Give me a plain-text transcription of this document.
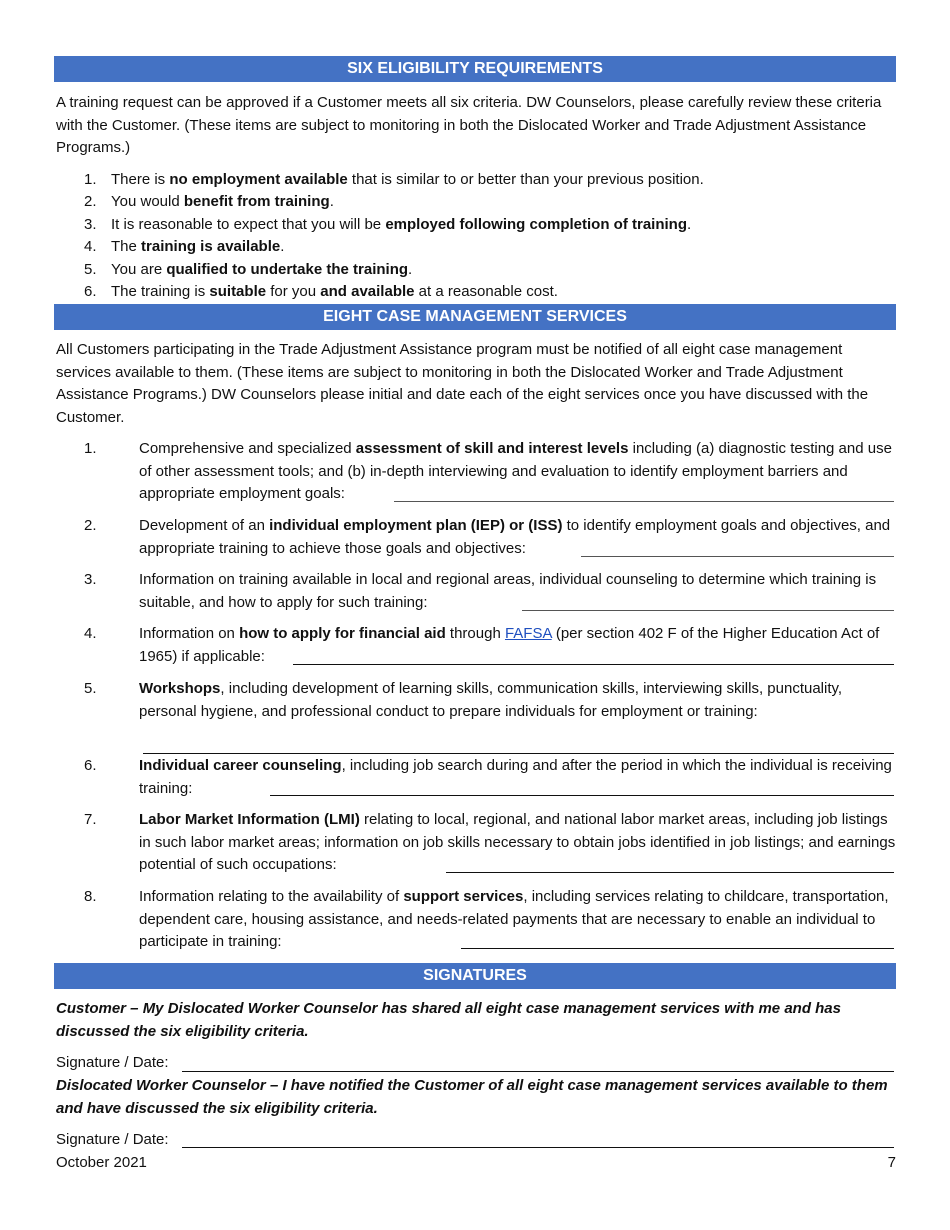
SIX ELIGIBILITY REQUIREMENTS

A training request can be approved if a Customer meets all six criteria. DW Counselors, please carefully review these criteria with the Customer. (These items are subject to monitoring in both the Dislocated Worker and Trade Adjustment Assistance Programs.)

1. There is no employment available that is similar to or better than your previous position.
2. You would benefit from training.
3. It is reasonable to expect that you will be employed following completion of training.
4. The training is available.
5. You are qualified to undertake the training.
6. The training is suitable for you and available at a reasonable cost.
EIGHT CASE MANAGEMENT SERVICES

All Customers participating in the Trade Adjustment Assistance program must be notified of all eight case management services available to them. (These items are subject to monitoring in both the Dislocated Worker and Trade Adjustment Assistance Programs.) DW Counselors please initial and date each of the eight services once you have discussed with the Customer.

1.	Comprehensive and specialized assessment of skill and interest levels including (a) diagnostic testing and use of other assessment tools; and (b) in-depth interviewing and evaluation to identify employment barriers and appropriate employment goals:
2.	Development of an individual employment plan (IEP) or (ISS) to identify employment goals and objectives, and appropriate training to achieve those goals and objectives:
3.	Information on training available in local and regional areas, individual counseling to determine which training is suitable, and how to apply for such training:
4.	Information on how to apply for financial aid through FAFSA (per section 402 F of the Higher Education Act of 1965) if applicable:
5.	Workshops, including development of learning skills, communication skills, interviewing skills, punctuality, personal hygiene, and professional conduct to prepare individuals for employment or training:
6.	Individual career counseling, including job search during and after the period in which the individual is receiving training:
7.	Labor Market Information (LMI) relating to local, regional, and national labor market areas, including job listings in such labor market areas; information on job skills necessary to obtain jobs identified in job listings; and earnings potential of such occupations:
8.	Information relating to the availability of support services, including services relating to childcare, transportation, dependent care, housing assistance, and needs-related payments that are necessary to enable an individual to participate in training:
SIGNATURES

Customer – My Dislocated Worker Counselor has shared all eight case management services with me and has discussed the six eligibility criteria.

Signature / Date:

Dislocated Worker Counselor – I have notified the Customer of all eight case management services available to them and have discussed the six eligibility criteria.

Signature / Date:
October 2021	7
